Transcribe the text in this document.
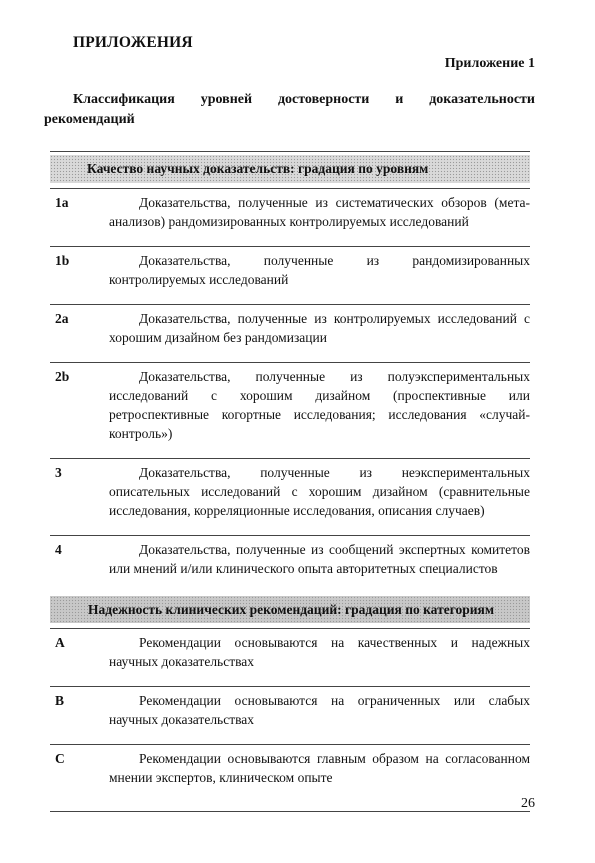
ПРИЛОЖЕНИЯ
Приложение 1
Классификация уровней достоверности и доказательности
рекомендаций
Качество научных доказательств: градация по уровням
1a	Доказательства, полученные из систематических обзоров (мета-анализов) рандомизированных контролируемых исследований
1b	Доказательства, полученные из рандомизированных контролируемых исследований
2a	Доказательства, полученные из контролируемых исследований с хорошим дизайном без рандомизации
2b	Доказательства, полученные из полуэкспериментальных исследований с хорошим дизайном (проспективные или ретроспективные когортные исследования; исследования «случай-контроль»)
3	Доказательства, полученные из неэкспериментальных описательных исследований с хорошим дизайном (сравнительные исследования, корреляционные исследования, описания случаев)
4	Доказательства, полученные из сообщений экспертных комитетов или мнений и/или клинического опыта авторитетных специалистов
Надежность клинических рекомендаций: градация по категориям
A	Рекомендации основываются на качественных и надежных научных доказательствах
B	Рекомендации основываются на ограниченных или слабых научных доказательствах
C	Рекомендации основываются главным образом на согласованном мнении экспертов, клиническом опыте
26
